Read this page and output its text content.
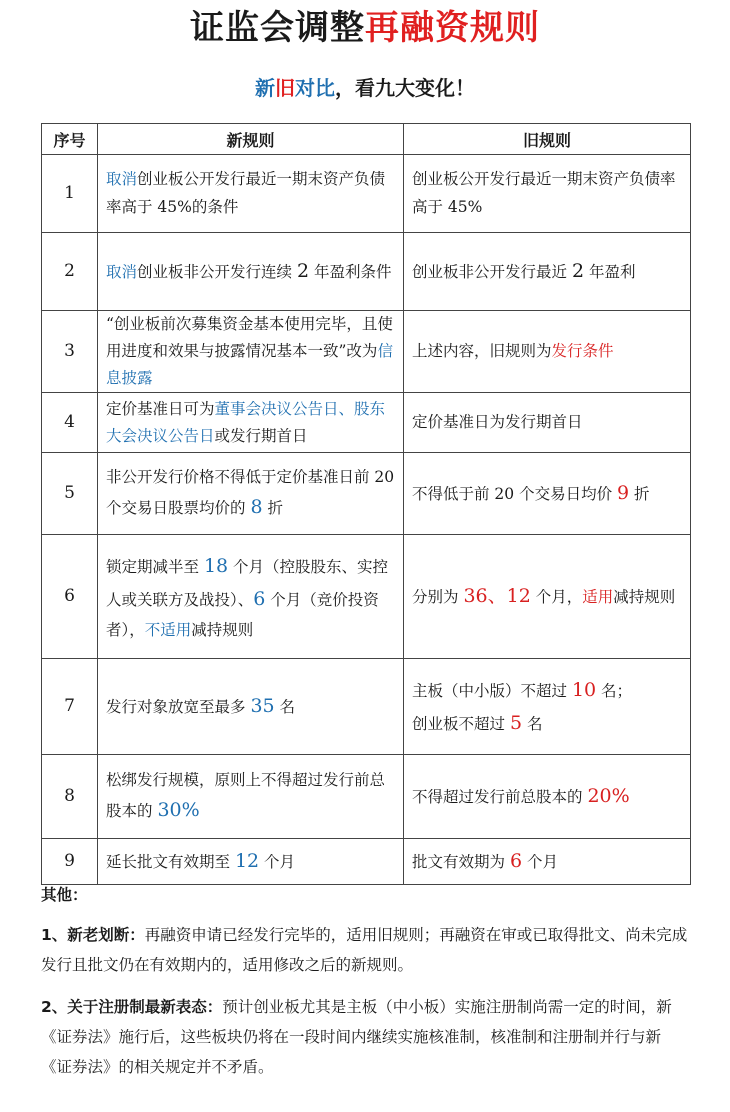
证监会调整再融资规则
新旧对比，看九大变化！
序号	新规则	旧规则
1	取消创业板公开发行最近一期末资产负债率高于 45%的条件	创业板公开发行最近一期末资产负债率高于 45%
2	取消创业板非公开发行连续 2 年盈利条件	创业板非公开发行最近 2 年盈利
3	“创业板前次募集资金基本使用完毕，且使用进度和效果与披露情况基本一致”改为信息披露	上述内容，旧规则为发行条件
4	定价基准日可为董事会决议公告日、股东大会决议公告日或发行期首日	定价基准日为发行期首日
5	非公开发行价格不得低于定价基准日前 20 个交易日股票均价的 8 折	不得低于前 20 个交易日均价 9 折
6	锁定期减半至 18 个月（控股股东、实控人或关联方及战投）、6 个月（竞价投资者），不适用减持规则	分别为 36、12 个月，适用减持规则
7	发行对象放宽至最多 35 名	主板（中小版）不超过 10 名；
创业板不超过 5 名
8	松绑发行规模，原则上不得超过发行前总股本的 30%	不得超过发行前总股本的 20%
9	延长批文有效期至 12 个月	批文有效期为 6 个月
其他：
1、新老划断：再融资申请已经发行完毕的，适用旧规则；再融资在审或已取得批文、尚未完成发行且批文仍在有效期内的，适用修改之后的新规则。
2、关于注册制最新表态：预计创业板尤其是主板（中小板）实施注册制尚需一定的时间，新《证券法》施行后，这些板块仍将在一段时间内继续实施核准制，核准制和注册制并行与新《证券法》的相关规定并不矛盾。
